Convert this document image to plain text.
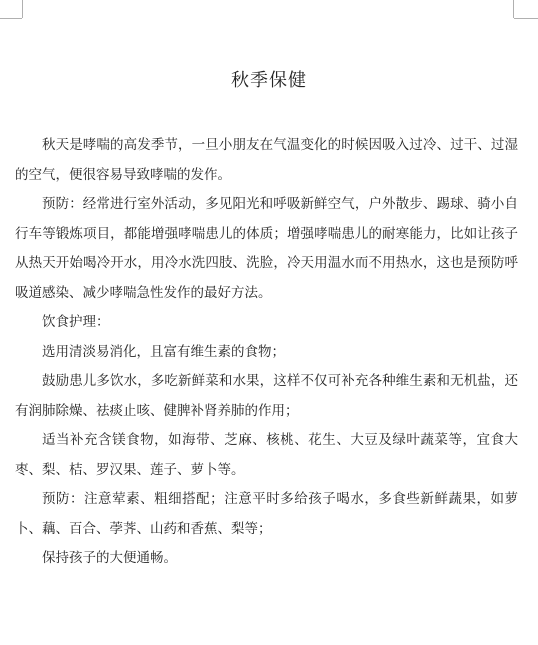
秋季保健

秋天是哮喘的高发季节，一旦小朋友在气温变化的时候因吸入过冷、过干、过湿的空气，便很容易导致哮喘的发作。

预防：经常进行室外活动，多见阳光和呼吸新鲜空气，户外散步、踢球、骑小自行车等锻炼项目，都能增强哮喘患儿的体质；增强哮喘患儿的耐寒能力，比如让孩子从热天开始喝冷开水，用冷水洗四肢、洗脸，冷天用温水而不用热水，这也是预防呼吸道感染、减少哮喘急性发作的最好方法。

饮食护理：

选用清淡易消化，且富有维生素的食物；

鼓励患儿多饮水，多吃新鲜菜和水果，这样不仅可补充各种维生素和无机盐，还有润肺除燥、祛痰止咳、健脾补肾养肺的作用；

适当补充含镁食物，如海带、芝麻、核桃、花生、大豆及绿叶蔬菜等，宜食大枣、梨、桔、罗汉果、莲子、萝卜等。

预防：注意荤素、粗细搭配；注意平时多给孩子喝水，多食些新鲜蔬果，如萝卜、藕、百合、荸荠、山药和香蕉、梨等；

保持孩子的大便通畅。
